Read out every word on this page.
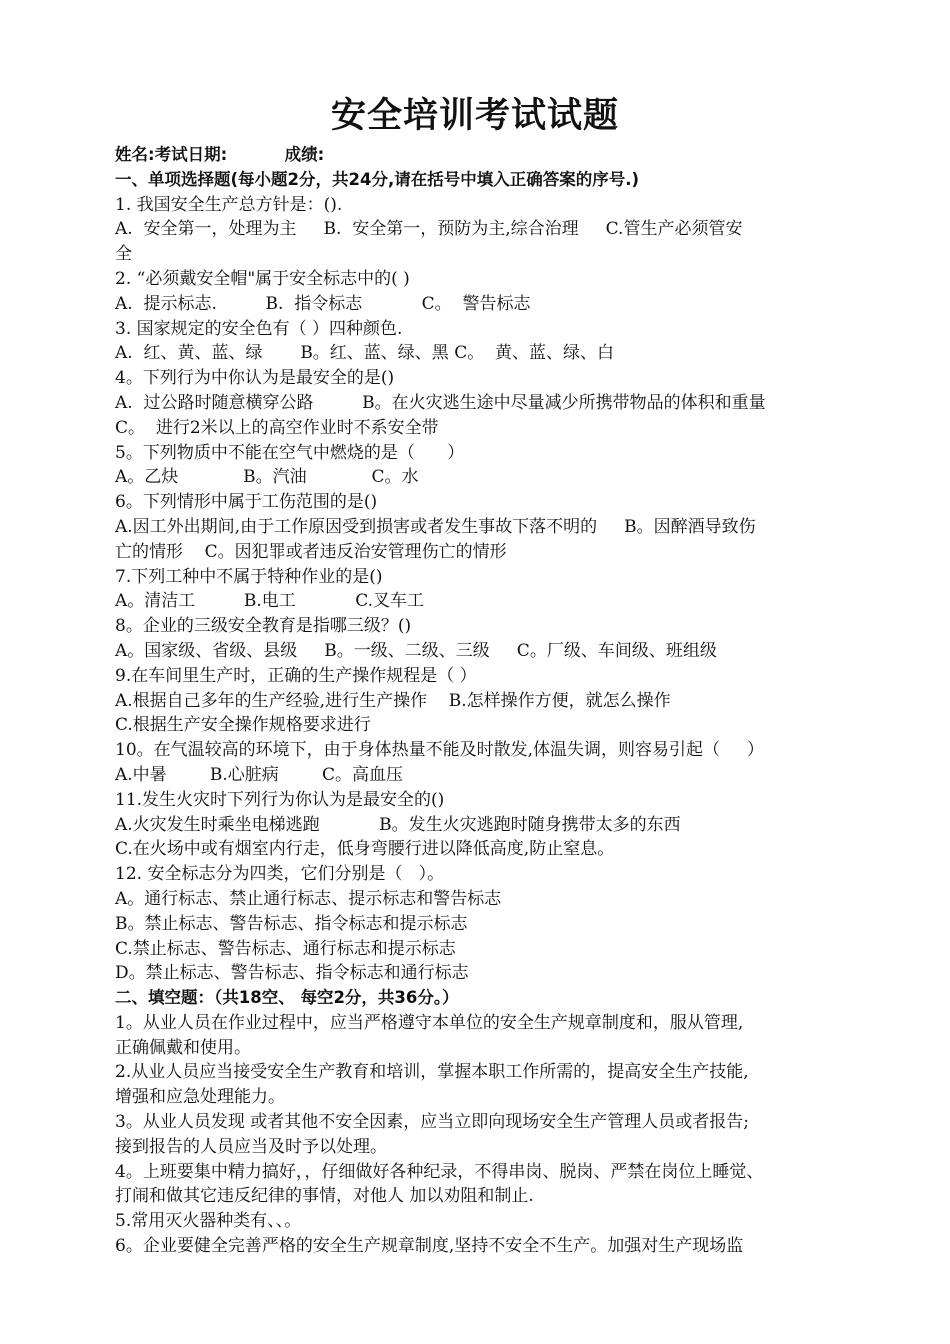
安全培训考试试题
姓名:考试日期:          成绩:
一、单项选择题(每小题2分，共24分,请在括号中填入正确答案的序号.)
1. 我国安全生产总方针是：().
A.  安全第一，处理为主     B.  安全第一，预防为主,综合治理     C.管生产必须管安
全
2. “必须戴安全帽"属于安全标志中的( )
A.  提示标志.         B.  指令标志           C。  警告标志
3. 国家规定的安全色有（ ）四种颜色.
A.  红、黄、蓝、绿       B。红、蓝、绿、黑 C。  黄、蓝、绿、白
4。下列行为中你认为是最安全的是()
A.  过公路时随意横穿公路         B。在火灾逃生途中尽量减少所携带物品的体积和重量
C。  进行2米以上的高空作业时不系安全带
5。下列物质中不能在空气中燃烧的是（      ）
A。乙炔            B。汽油            C。水
6。下列情形中属于工伤范围的是()
A.因工外出期间,由于工作原因受到损害或者发生事故下落不明的     B。因醉酒导致伤
亡的情形    C。因犯罪或者违反治安管理伤亡的情形
7.下列工种中不属于特种作业的是()
A。清洁工         B.电工           C.叉车工
8。企业的三级安全教育是指哪三级？()
A。国家级、省级、县级     B。一级、二级、三级     C。厂级、车间级、班组级
9.在车间里生产时，正确的生产操作规程是（ ）
A.根据自己多年的生产经验,进行生产操作    B.怎样操作方便，就怎么操作
C.根据生产安全操作规格要求进行
10。在气温较高的环境下，由于身体热量不能及时散发,体温失调，则容易引起（     ）
A.中暑        B.心脏病        C。高血压
11.发生火灾时下列行为你认为是最安全的()
A.火灾发生时乘坐电梯逃跑           B。发生火灾逃跑时随身携带太多的东西
C.在火场中或有烟室内行走，低身弯腰行进以降低高度,防止窒息。
12. 安全标志分为四类，它们分别是（   ）。
A。通行标志、禁止通行标志、提示标志和警告标志
B。禁止标志、警告标志、指令标志和提示标志
C.禁止标志、警告标志、通行标志和提示标志
D。禁止标志、警告标志、指令标志和通行标志
二、填空题：（共18空、 每空2分，共36分。）
1。从业人员在作业过程中，应当严格遵守本单位的安全生产规章制度和，服从管理,
正确佩戴和使用。
2.从业人员应当接受安全生产教育和培训，掌握本职工作所需的，提高安全生产技能,
增强和应急处理能力。
3。从业人员发现 或者其他不安全因素，应当立即向现场安全生产管理人员或者报告;
接到报告的人员应当及时予以处理。
4。上班要集中精力搞好，，仔细做好各种纪录，不得串岗、脱岗、严禁在岗位上睡觉、
打闹和做其它违反纪律的事情，对他人 加以劝阻和制止.
5.常用灭火器种类有、、。
6。企业要健全完善严格的安全生产规章制度,坚持不安全不生产。加强对生产现场监
